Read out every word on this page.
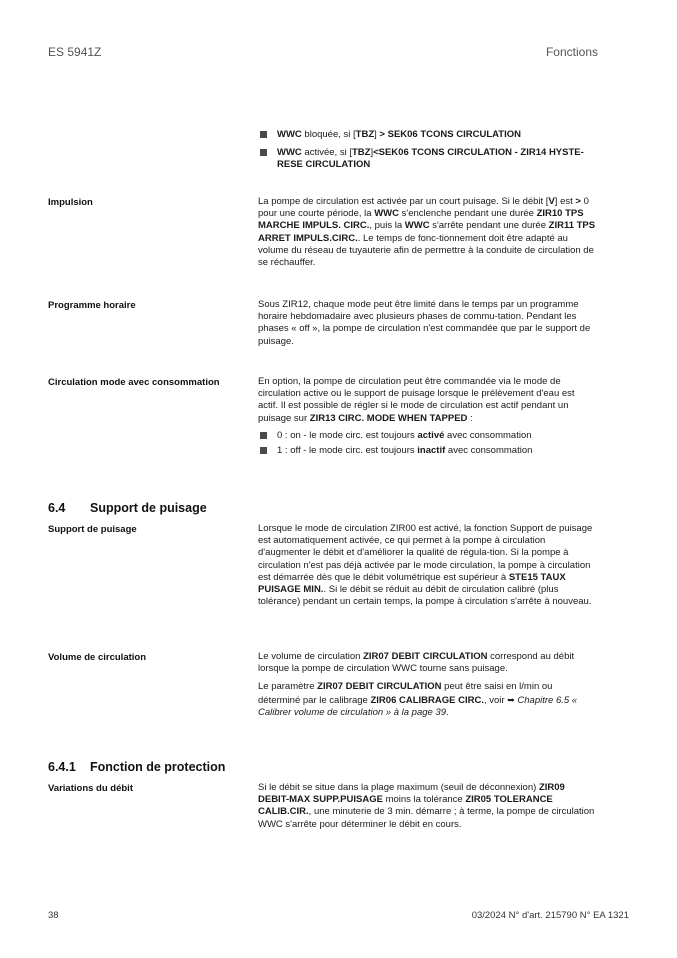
ES 5941Z	Fonctions
WWC bloquée, si [TBZ] > SEK06 TCONS CIRCULATION
WWC activée, si [TBZ]<SEK06 TCONS CIRCULATION - ZIR14 HYSTE-RESE CIRCULATION
Impulsion	La pompe de circulation est activée par un court puisage. Si le débit [V] est > 0 pour une courte période, la WWC s'enclenche pendant une durée ZIR10 TPS MARCHE IMPULS. CIRC., puis la WWC s'arrête pendant une durée ZIR11 TPS ARRET IMPULS.CIRC.. Le temps de fonc-tionnement doit être adapté au volume du réseau de tuyauterie afin de permettre à la conduite de circulation de se réchauffer.

Programme horaire	Sous ZIR12, chaque mode peut être limité dans le temps par un programme horaire hebdomadaire avec plusieurs phases de commu-tation. Pendant les phases « off », la pompe de circulation n'est commandée que par le support de puisage.

Circulation mode avec consommation	En option, la pompe de circulation peut être commandée via le mode de circulation active ou le support de puisage lorsque le prélèvement d'eau est actif. Il est possible de régler si le mode de circulation est actif pendant un puisage sur ZIR13 CIRC. MODE WHEN TAPPED :

0 : on - le mode circ. est toujours activé avec consommation
1 : off - le mode circ. est toujours inactif avec consommation
6.4 Support de puisage
Support de puisage	Lorsque le mode de circulation ZIR00 est activé, la fonction Support de puisage est automatiquement activée, ce qui permet à la pompe à circulation d'augmenter le débit et d'améliorer la qualité de régula-tion. Si la pompe à circulation n'est pas déjà activée par le mode circulation, la pompe à circulation est démarrée dès que le débit volumétrique est supérieur à STE15 TAUX PUISAGE MIN.. Si le débit se réduit au débit de circulation calibré (plus tolérance) pendant un certain temps, la pompe à circulation s'arrête à nouveau.

Volume de circulation	Le volume de circulation ZIR07 DEBIT CIRCULATION correspond au débit lorsque la pompe de circulation WWC tourne sans puisage.

Le paramètre ZIR07 DEBIT CIRCULATION peut être saisi en l/min ou déterminé par le calibrage ZIR06 CALIBRAGE CIRC., voir ➥ Chapitre 6.5 « Calibrer volume de circulation » à la page 39.

6.4.1 Fonction de protection
Variations du débit	Si le débit se situe dans la plage maximum (seuil de déconnexion) ZIR09 DEBIT-MAX SUPP.PUISAGE moins la tolérance ZIR05 TOLERANCE CALIB.CIR., une minuterie de 3 min. démarre ; à terme, la pompe de circulation WWC s'arrête pour déterminer le débit en cours.

38	03/2024 N° d'art. 215790 N° EA 1321
